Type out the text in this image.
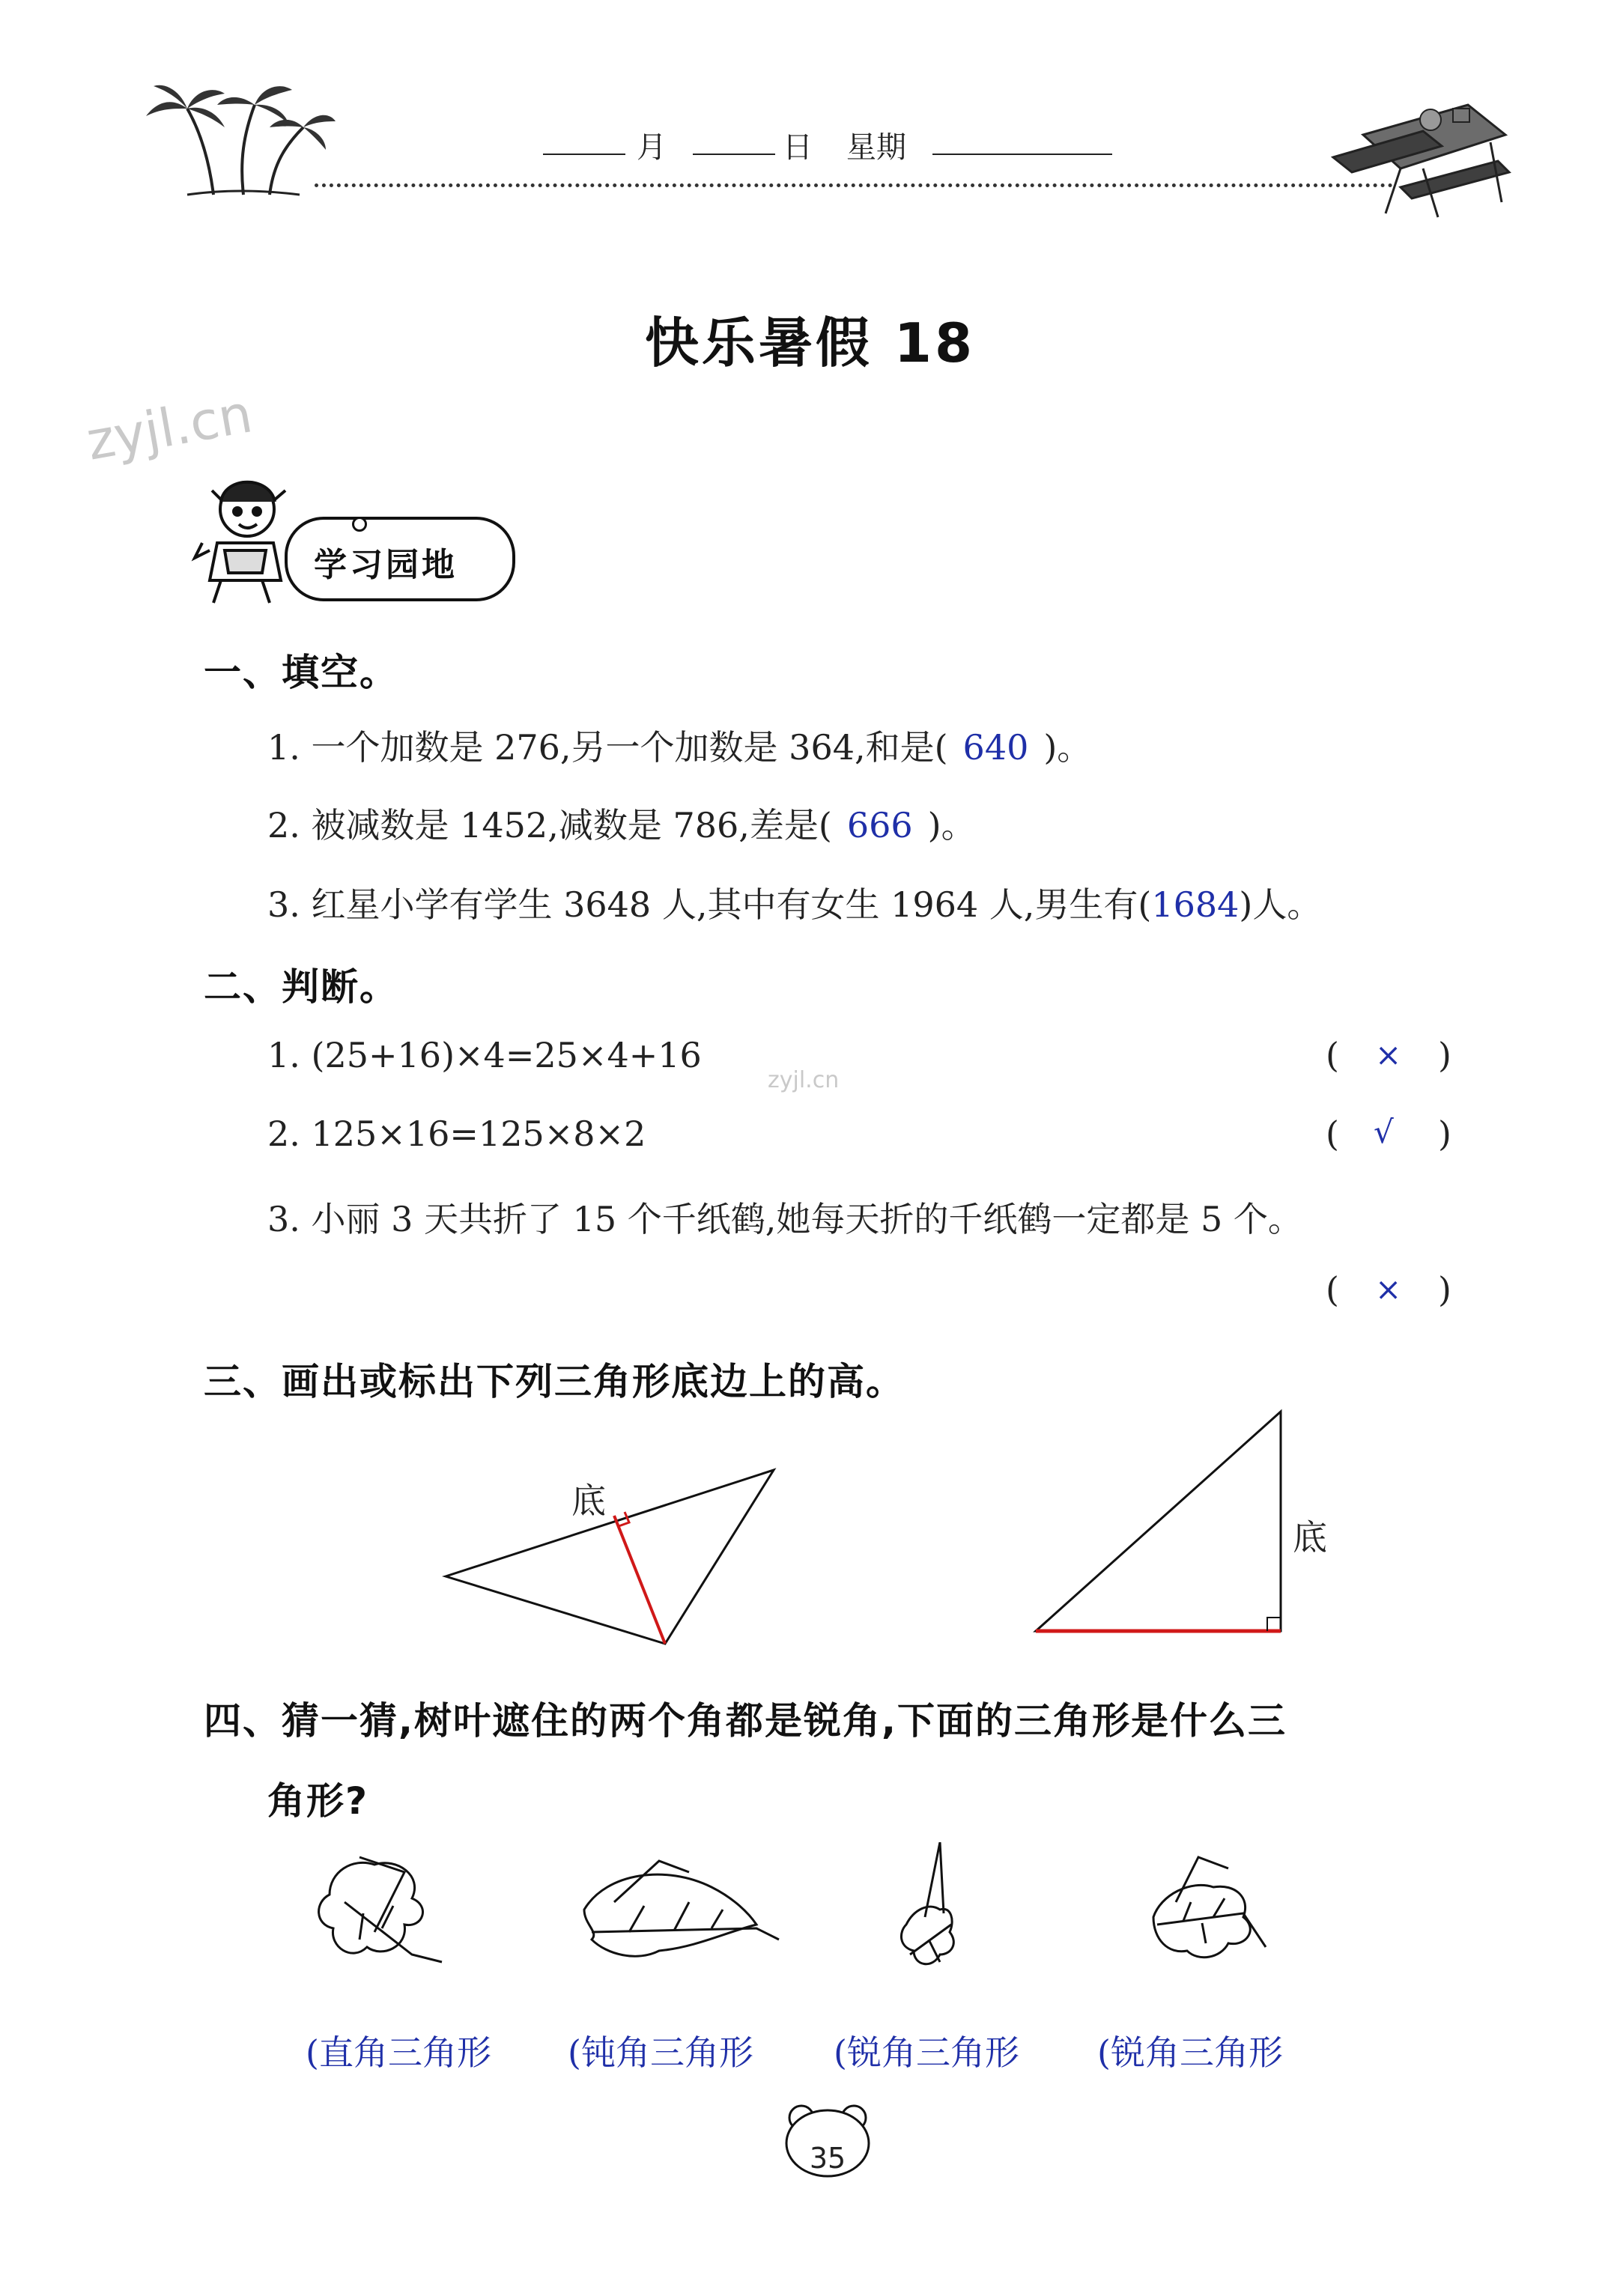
月	日 星期
快乐暑假 18
zyjl.cn
zyjl.cn
学习园地
一、填空。
1. 一个加数是 276,另一个加数是 364,和是( 640 )。
2. 被减数是 1452,减数是 786,差是( 666 )。
3. 红星小学有学生 3648 人,其中有女生 1964 人,男生有(1684)人。
二、判断。
1. (25+16)×4=25×4+16	( × )
2. 125×16=125×8×2	( √ )
3. 小丽 3 天共折了 15 个千纸鹤,她每天折的千纸鹤一定都是 5 个。
( × )
三、画出或标出下列三角形底边上的高。
底
底
四、猜一猜,树叶遮住的两个角都是锐角,下面的三角形是什么三
角形?
(直角三角形 (钝角三角形 (锐角三角形 (锐角三角形
35
